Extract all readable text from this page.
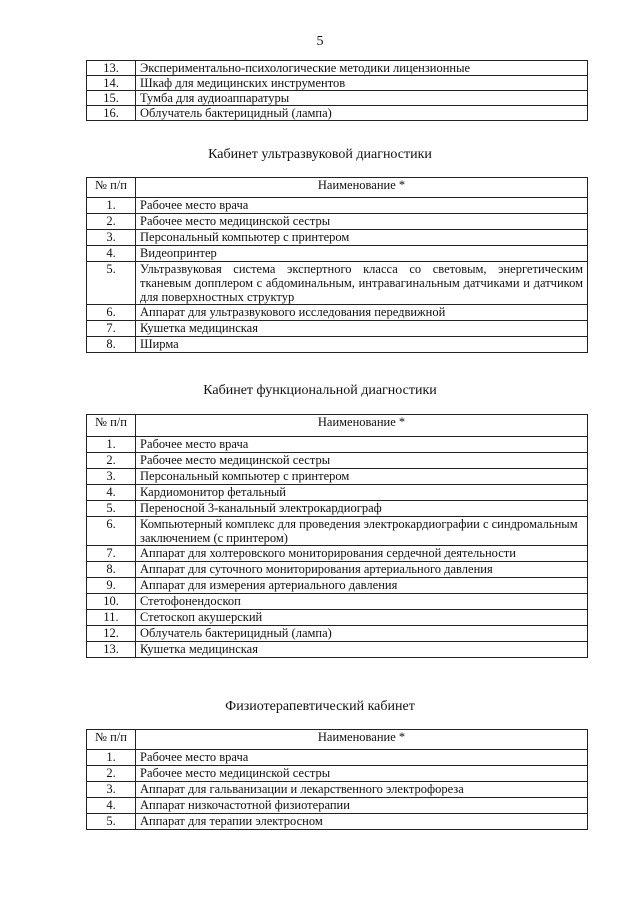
5
13.	Экспериментально-психологические методики лицензионные
14.	Шкаф для медицинских инструментов
15.	Тумба для аудиоаппаратуры
16.	Облучатель бактерицидный (лампа)
Кабинет ультразвуковой диагностики
№ п/п	Наименование *
1.	Рабочее место врача
2.	Рабочее место медицинской сестры
3.	Персональный компьютер с принтером
4.	Видеопринтер
5.	Ультразвуковая система экспертного класса со световым, энергетическим тканевым допплером с абдоминальным, интравагинальным датчиками и датчиком для поверхностных структур
6.	Аппарат для ультразвукового исследования передвижной
7.	Кушетка медицинская
8.	Ширма
Кабинет функциональной диагностики
№ п/п	Наименование *
1.	Рабочее место врача
2.	Рабочее место медицинской сестры
3.	Персональный компьютер с принтером
4.	Кардиомонитор фетальный
5.	Переносной 3-канальный электрокардиограф
6.	Компьютерный комплекс для проведения электрокардиографии с синдромальным заключением (с принтером)
7.	Аппарат для холтеровского мониторирования сердечной деятельности
8.	Аппарат для суточного мониторирования артериального давления
9.	Аппарат для измерения артериального давления
10.	Стетофонендоскоп
11.	Стетоскоп акушерский
12.	Облучатель бактерицидный (лампа)
13.	Кушетка медицинская
Физиотерапевтический кабинет
№ п/п	Наименование *
1.	Рабочее место врача
2.	Рабочее место медицинской сестры
3.	Аппарат для гальванизации и лекарственного электрофореза
4.	Аппарат низкочастотной физиотерапии
5.	Аппарат для терапии электросном
